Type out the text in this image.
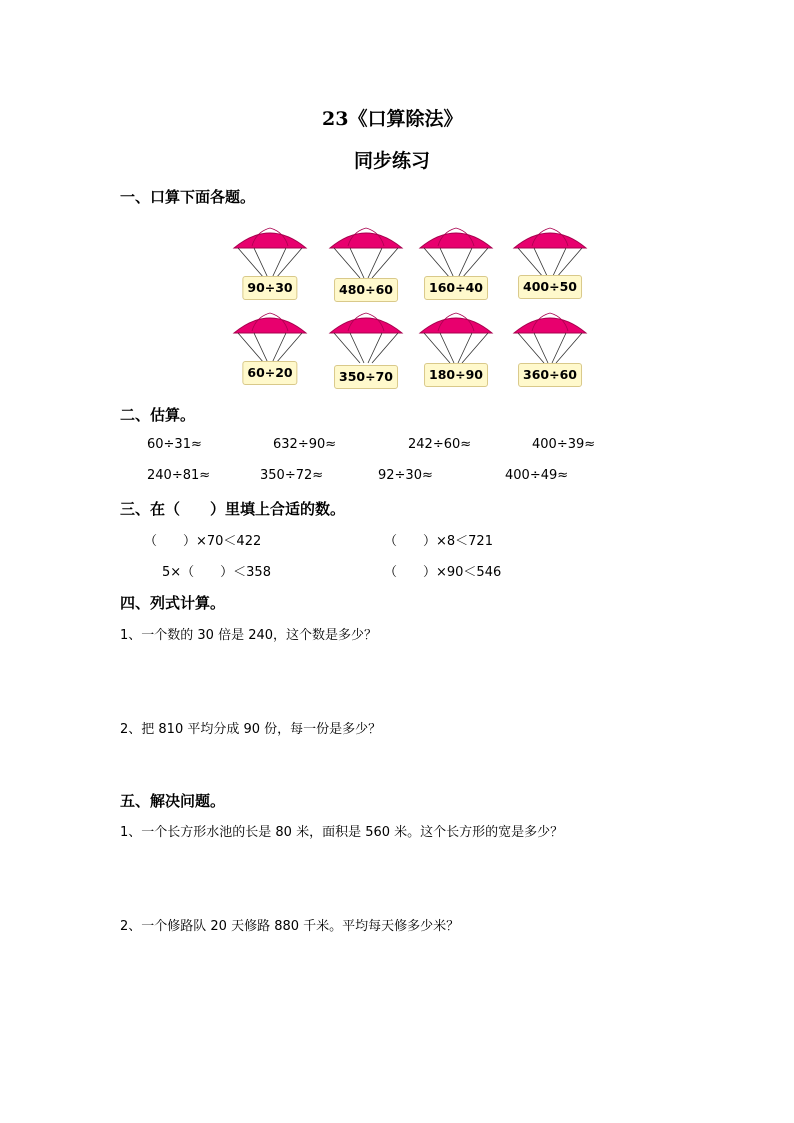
23《口算除法》
同步练习
一、口算下面各题。
90÷30	480÷60	160÷40	400÷50
60÷20	350÷70	180÷90	360÷60
二、估算。
60÷31≈	632÷90≈	242÷60≈	400÷39≈
240÷81≈	350÷72≈	92÷30≈	400÷49≈
三、在（　　）里填上合适的数。
（　　）×70＜422	（　　）×8＜721
5×（　　）＜358	（　　）×90＜546
四、列式计算。
1、一个数的 30 倍是 240，这个数是多少？
2、把 810 平均分成 90 份，每一份是多少？
五、解决问题。
1、一个长方形水池的长是 80 米，面积是 560 米。这个长方形的宽是多少？
2、一个修路队 20 天修路 880 千米。平均每天修多少米？
